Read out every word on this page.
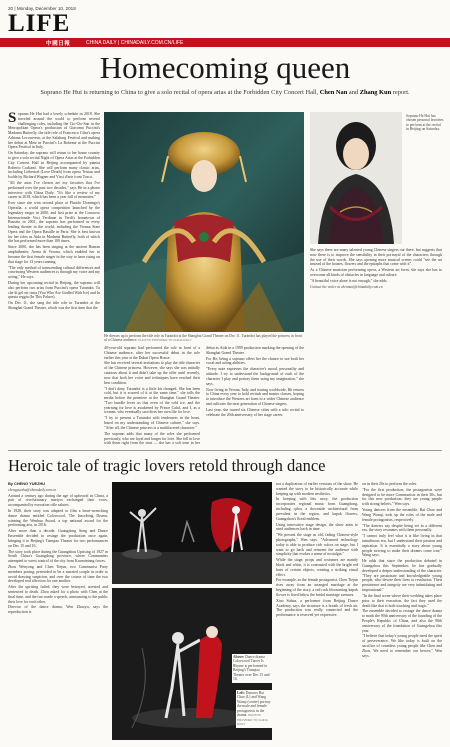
20 | Monday, December 10, 2018
LIFE
中國日報	CHINA DAILY | CHINADAILY.COM.CN/LIFE
Homecoming queen
Soprano He Hui is returning to China to give a solo recital of opera arias at the Forbidden City Concert Hall, Chen Nan and Zhang Kun report.
S oprano He Hui had a lovely schedule in 2018. She traveled around the world to perform several challenging roles, including the Cio-Cio-San in the Metropolitan Opera's production of Giacomo Puccini's Madama Butterfly, the title role of Francesco Cilea's opera Adriana Lecouvreur, at the Salzburg Festival and making her debut at Metz in Puccini's La Boheme at the Puccini Opera Festival in Italy.

On Saturday, the soprano will return to her home country to give a solo recital Night of Opera Arias at the Forbidden City Concert Hall in Beijing accompanied by pianist Roberto Corlianò. She will perform many classic arias, including Liebestod (Love Death) from opera Tristan und Isolde by Richard Wagner and Vissi d'arte from Tosca.

"All the arias I've chosen are my favorites that I've performed over the past two decades," says He in a phone interview with China Daily. "It's like a review of my career in 2018, which has been a year full of memories."

Ever since she won second place at Placido Domingo's Operalia, a world opera competition launched by the legendary singer in 2000, and first prize at the Concorso Internazionale Voci Verdiane in Verdi's hometown of Busseto in 2001, the soprano has performed in every leading theater in the world, including the Vienna State Opera and the Opera Bastille in Paris. She is best known for her roles as Aida in Madama Butterfly, both of which she has performed more than 100 times.

Since 2000, she has been singing at the ancient Roman amphitheater, Arena di Verona, which enabled her to become the first female singer in the way to have rising on that stage for 13 years running.

"The only method of transcending cultural differences and convincing Western audiences is through my voice and my acting," He says.

During her upcoming recital in Beijing, the soprano will also perform two arias from Puccini's opera Turandot. Tu che di gel sei cinta (You Who Are Girdled With Ice) and In questa reggia (In This Palace).

On Dec 11, she sang the title role in Turandot at the Shanghai Grand Theater, which was the first time that the

Soprano He Hui has chosen personal favorites to perform at the recital in Beijing on Saturday.
He dresses up to perform the title role in Turandot at the Shanghai Grand Theater on Dec 11. Turandot has played the princess in front of a Chinese audience. PHOTOS PROVIDED TO CHINA DAILY

40-year-old soprano had performed the role in front of a Chinese audience, after her successful debut in the role earlier this year at the Dubai Opera House.

She has received several invitations to play the title character of the Chinese princess. However, she says she was initially cautious about it and didn't take up the offer until recently, now that both her voice and techniques have reached their best condition.

"I don't deny Turandot is a little bit changed. She has been cold, but it is scarred of it at the same time," she tells the media before the premiere at the Shanghai Grand Theater. "Two bundle loves us that even of the cold ice, and the yearning for love is awakened by Prince Calaf, and I, as a woman, who eventually sacrifices her own life for love.

"I try to present a Turandot with tenderness in the heart, based on my understanding of Chinese culture," she says. "After all, the Chinese princess is a multifaceted character."

The soprano adds that many of the roles she performed previously, who are loyal and longer for love. She fell in love with them right from the start — she has a soft tone in her

debut as Aida in a 1999 production marking the opening of the Shanghai Grand Theater.

For He, being a soprano offers her the chance to use both her vocal and acting abilities.

"Every note expresses the character's mood, personality and attitude. I try to understand the background of each of the character I play and portray them using my imagination," she says.

Now living in Verona, Italy, and touring worldwide, He returns to China every year to hold recitals and master classes, hoping to introduce the Western art form to a wider Chinese audience and cultivate the next generation of Chinese singers.

Last year, she toured six Chinese cities with a solo recital to celebrate the 20th anniversary of her stage career.

She says there are many talented young Chinese singers out there, but suggests that now there is to improve the sensibility in their portrayal of the characters through the use of their words. She says opening more musical scenes could "see the art instead of the houses, flowers and the epitaphs that come with it".

As a Chinese musician performing opera, a Western art form, she says she has to overcome all kinds of obstacles in language and culture.

"A beautiful voice alone is not enough," she adds.

Contact the writer at chennan@chinadaily.com.cn

Heroic tale of tragic lovers retold through dance

By CHENG YUEZHU

chengyuezhu@chinadaily.com.cn

Around a century ago during the age of upheaval in China, a pair of revolutionary martyrs exchanged their vows, accompanied by execution rifle salutes.

In 1928, their story was adapted to film a heart-wrenching dance drama entitled Colorwood, The Inscribing Drums, winning the Wenhua Award, a top national award for the performing arts, in 2016.

After more than a decade, Guangdong Song and Dance Ensemble decided to restage the production once again, bringing it to Beijing's Tianqiao Theater for two performances on Dec 15 and 16.

The story took place during the Guangzhou Uprising of 1927 in South China's Guangdong province, where Communists attempted to wrest control of the city from Kuomintang forces.

Zhou Wenyong and Chen Tiejun, two Communist Party members posing, pretended to be a married couple in order to avoid drawing suspicion, and over the course of time the two developed real affection for one another.

After the uprising failed, they were betrayed, arrested and sentenced to death. Zhou asked for a photo with Chen at the final time, and the two made a speech, announcing to the public their love for each other.

Director of the dance drama, Wen Zhaoyu, says the reproduction is

not a duplication of earlier versions of the show. He wanted the story to be historically accurate while keeping up with modern aesthetics.

In keeping with this story, the production incorporates regional music from Guangdong, including qilou, a downside architectural form prevalent in the region, and kapok flowers, Guangzhou's floral emblem.

Using innovative stage design, the show aims to send audiences back in time.

"We present the stage as old, fading Chinese-style photographs," Wen says. "Advanced technology today is able to produce rich colors on stage, but I want to go back and reinvent the audience with simplicity that evokes a sense of nostalgia."

While the stage, props and costumes are mainly black and white, it is contrasted with the bright red hues of certain objects, creating a striking visual effect.

For example, as the female protagonist, Chen Tiejun rises away from an arranged marriage at the beginning of the story, a red rock blossoming kapok flower is fixed below the bridal marriage avenues.

Xiao Suhua, a performer from Beijing Dance Academy, says the structure is a breath of fresh air. The production was really connected and the performance is reserved yet expressive.

Above: Dance drama Colorwood Tiaoer Is Rhyme is performed in Beijing's Tianqiao Theater over Dec 15 and 16.

on in their 20s to perform the roles.

"For the first production, the protagonists were designed to be more Communists in their 30s, but for this new production, they are young people with strong beliefs," Wen says.

Young dancers from the ensemble, Bai Chao and Wang Wanqi, took up the roles of the male and female protagonists, respectively.

"The dancers say despite being set in a different era, the story resonates with them personally.

"I cannot truly feel what it is like living in that tumultuous era, but I understand their passion and aspiration. It is essentially a story about young people striving to make their dreams come true," Wang says.

He adds that since the production debuted in Guangzhou this September, he has gradually developed a deeper understanding of the character. "They are passionate and knowledgeable young people, who devote their lives to revolution. Their persistence and integrity are very intimidating and inspirational."

"In the final scene where their wedding takes place prior to their execution, the fact they used the death like that is both touching and tragic."

The ensemble decided to restage the dance drama to mark the 90th anniversary of the founding of the People's Republic of China, and also the 90th anniversary of the foundation of Guangzhou this year.

"I believe that today's young people need the spirit of perseverance. We like today is built on the sacrifice of countless young people like Chen and Zhou. We need to remember our heroes," Wen says.

Left: Dancers Bai Chao (L) and Wang Wanqi (center) portray the male and female protagonists in the drama. PHOTOS PROVIDED TO CHINA DAILY
